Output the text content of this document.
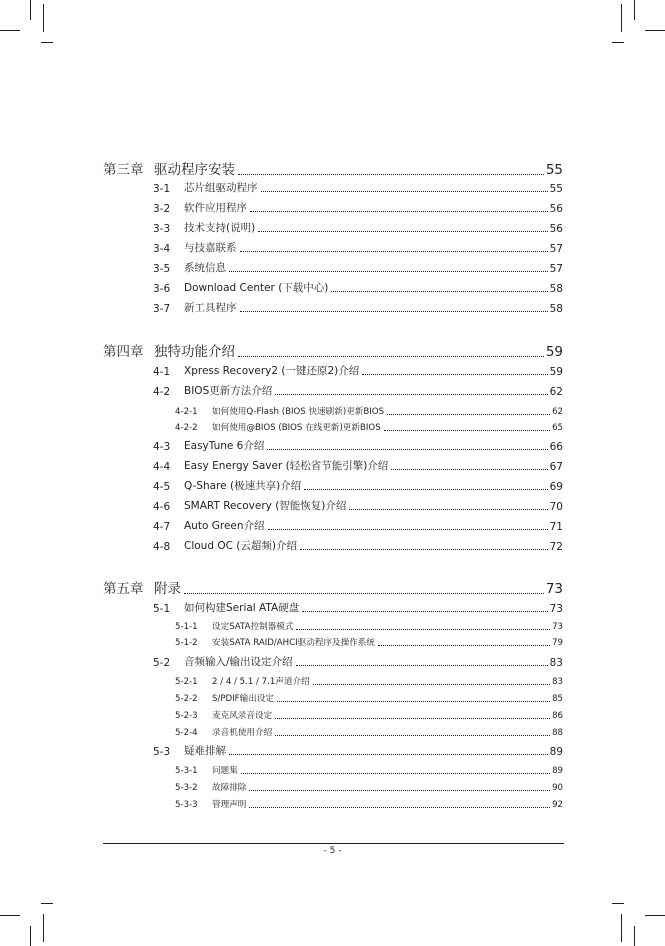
第三章 驱动程序安装	55
3-1	芯片组驱动程序	55
3-2	软件应用程序	56
3-3	技术支持(说明)	56
3-4	与技嘉联系	57
3-5	系统信息	57
3-6	Download Center (下载中心)	58
3-7	新工具程序	58
第四章 独特功能介绍	59
4-1	Xpress Recovery2 (一键还原2)介绍	59
4-2	BIOS更新方法介绍	62
4-2-1	如何使用Q-Flash (BIOS 快速刷新)更新BIOS	62
4-2-2	如何使用@BIOS (BIOS 在线更新)更新BIOS	65
4-3	EasyTune 6介绍	66
4-4	Easy Energy Saver (轻松省节能引擎)介绍	67
4-5	Q-Share (极速共享)介绍	69
4-6	SMART Recovery (智能恢复)介绍	70
4-7	Auto Green介绍	71
4-8	Cloud OC (云超频)介绍	72
第五章 附录	73
5-1	如何构建Serial ATA硬盘	73
5-1-1	设定SATA控制器模式	73
5-1-2	安装SATA RAID/AHCI驱动程序及操作系统	79
5-2	音频输入/输出设定介绍	83
5-2-1	2 / 4 / 5.1 / 7.1声道介绍	83
5-2-2	S/PDIF输出设定	85
5-2-3	麦克风录音设定	86
5-2-4	录音机使用介绍	88
5-3	疑难排解	89
5-3-1	问题集	89
5-3-2	故障排除	90
5-3-3	管理声明	92
- 5 -
